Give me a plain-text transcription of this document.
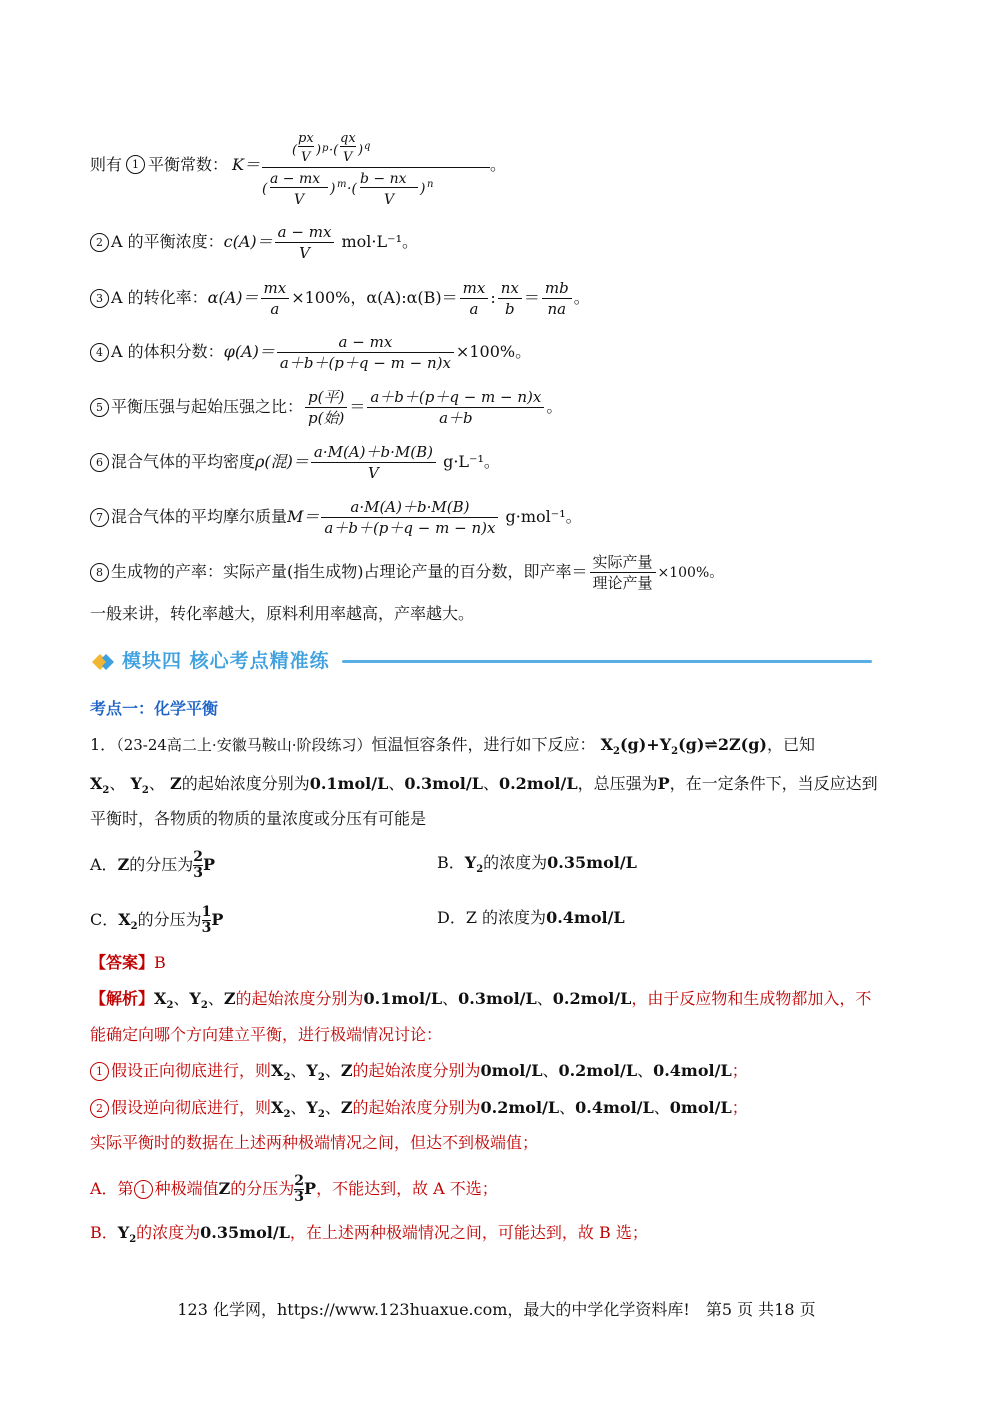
则有 1 平衡常数： K＝
(
px
V ) p ·(
qx
V ) q
(
a − mx
V
) m ·(
b − nx
V
) n
。
2 A 的平衡浓度：$c(A)= \frac{a - mx}{V} mol\cdot L^{-1}$。
3 A 的转化率：$\alpha(A)= \frac{mx}{a} \times 100\%$，α(A):α(B)＝ $\frac{mx}{a}$ : $\frac{nx}{b} = \frac{mb}{na}$ 。
4 A 的体积分数：$\varphi(A)= \frac{a - mx}{a+b+(p+q - m - n)x} \times 100\%$。
5 平衡压强与起始压强之比： $\frac{\text{p(平)}}{\text{p(始)}} = \frac{a+b+(p+q - m - n)x}{a+b}$ 。
6 混合气体的平均密度ρ(混)＝ $\frac{a\cdot M(A)+b\cdot M(B)}{V} g\cdot L^{-1}$。
7 混合气体的平均摩尔质量$M= \frac{a\cdot M(A)+b\cdot M(B)}{a+b+(p+q - m - n)x} g\cdot mol^{-1}$。
8 生成物的产率：实际产量(指生成物)占理论产量的百分数，即产率＝ $\frac{\text{实际产量}}{\text{理论产量}} \times 100\%$。
一般来讲，转化率越大，原料利用率越高，产率越大。
模块四 核心考点精准练
考点一：化学平衡
1．（23-24高二上·安徽马鞍山·阶段练习）恒温恒容条件，进行如下反应： $X_2(g)+Y_2(g)\rightleftharpoons 2Z(g)$，已知
$X_2$、 $Y_2$、 Z的起始浓度分别为0.1mol/L、0.3mol/L、0.2mol/L，总压强为P，在一定条件下，当反应达到
平衡时，各物质的物质的量浓度或分压有可能是
A．Z的分压为 $\frac{2}{3}$ P	B．$Y_2$的浓度为0.35mol/L
C．$X_2$的分压为 $\frac{1}{3}$ P	D．Z 的浓度为0.4mol/L
【答案】B
【解析】$X_2$、$Y_2$、Z的起始浓度分别为0.1mol/L、0.3mol/L、0.2mol/L，由于反应物和生成物都加入，不
能确定向哪个方向建立平衡，进行极端情况讨论：
1 假设正向彻底进行，则$X_2$、$Y_2$、Z的起始浓度分别为0mol/L、0.2mol/L、0.4mol/L；
2 假设逆向彻底进行，则$X_2$、$Y_2$、Z的起始浓度分别为0.2mol/L、0.4mol/L、0mol/L；
实际平衡时的数据在上述两种极端情况之间，但达不到极端值；
A．第 1 种极端值Z的分压为 $\frac{2}{3}$ P，不能达到，故 A 不选；
B．$Y_2$的浓度为0.35mol/L，在上述两种极端情况之间，可能达到，故 B 选；
123 化学网，https://www.123huaxue.com，最大的中学化学资料库!　第5 页 共18 页
